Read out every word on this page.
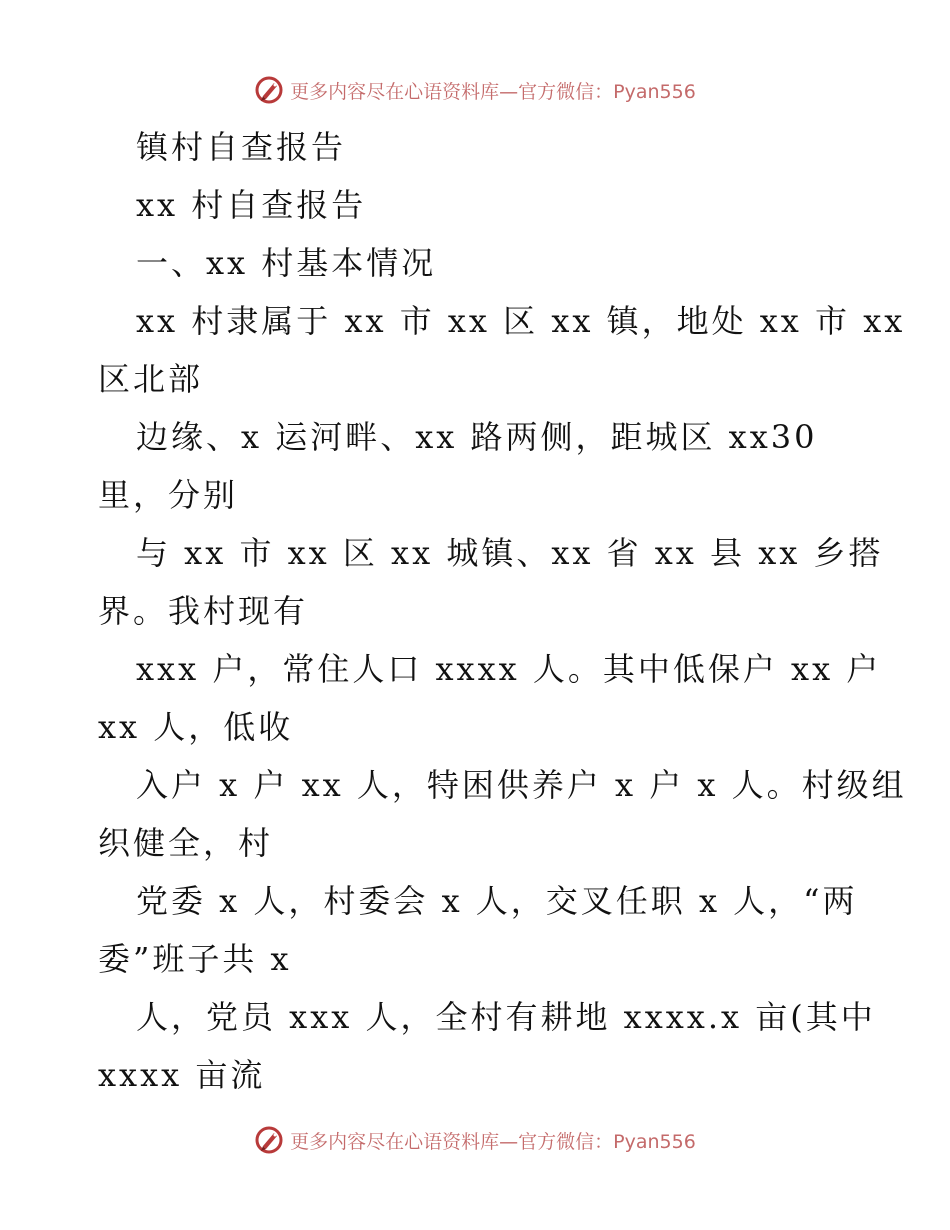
更多内容尽在心语资料库—官方微信：Pyan556
镇村自查报告
xx 村自查报告
一、xx 村基本情况
xx 村隶属于 xx 市 xx 区 xx 镇，地处 xx 市 xx
区北部
边缘、x 运河畔、xx 路两侧，距城区 xx30
里，分别
与 xx 市 xx 区 xx 城镇、xx 省 xx 县 xx 乡搭
界。我村现有
xxx 户，常住人口 xxxx 人。其中低保户 xx 户
xx 人，低收
入户 x 户 xx 人，特困供养户 x 户 x 人。村级组
织健全，村
党委 x 人，村委会 x 人，交叉任职 x 人，“两
委”班子共 x
人，党员 xxx 人，全村有耕地 xxxx.x 亩(其中
xxxx 亩流
更多内容尽在心语资料库—官方微信：Pyan556
